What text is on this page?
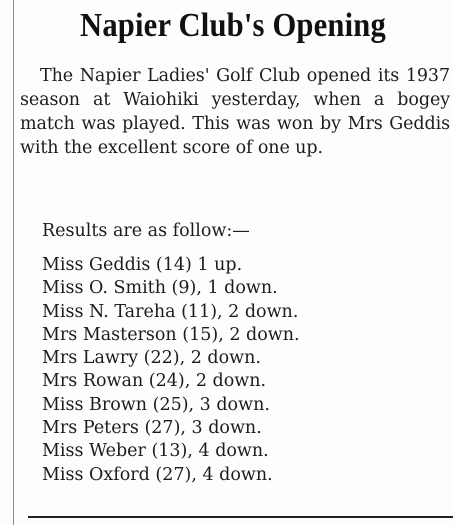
Napier Club's Opening

The Napier Ladies' Golf Club opened its 1937 season at Waiohiki yesterday, when a bogey match was played. This was won by Mrs Geddis with the excellent score of one up.

Results are as follow:—

Miss Geddis (14) 1 up.
Miss O. Smith (9), 1 down.
Miss N. Tareha (11), 2 down.
Mrs Masterson (15), 2 down.
Mrs Lawry (22), 2 down.
Mrs Rowan (24), 2 down.
Miss Brown (25), 3 down.
Mrs Peters (27), 3 down.
Miss Weber (13), 4 down.
Miss Oxford (27), 4 down.
